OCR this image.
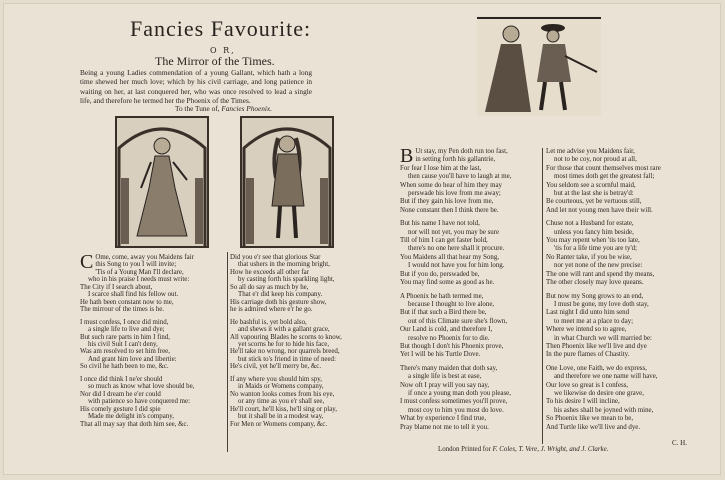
Fancies Favourite:
O R,
The Mirror of the Times.
Being a young Ladies commendation of a young Gallant, which hath a long time shewed her much love; which by his civil carriage, and long patience in waiting on her, at last conquered her, who was once resolved to lead a single life, and therefore he termed her the Phoenix of the Times.
To the Tune of, Fancies Phoenix.
C Ome, come, away you Maidens fair
this Song to you I will invite;
'Tis of a Young Man I'll declare,
who in his praise I needs must write:
The City if I search about,
I scarce shall find his fellow out.
He hath been constant now to me,
The mirrour of the times is he.
I must confess, I once did mind,
a single life to live and dye;
But such rare parts in him I find,
his civil Suit I can't deny,
Was am resolved to set him free,
And grant him love and libertie:
So civil he hath been to me, &c.
I once did think I ne'er should
so much as know what love should be,
Nor did I dream he e'er could
with patience so have conquered me:
His comely gesture I did spie
Made me delight in's company,
That all may say that doth him see, &c.
Did you e'r see that glorious Star
that ushers in the morning bright,
How he exceeds all other far
by casting forth his sparkling light,
So all do say as much by he,
That e'r did keep his company.
His carriage doth his gesture show,
he is admired where e'r he go.
He bashful is, yet bold also,
and shews it with a gallant grace,
All vapouring Blades he scorns to know,
yet scorns he for to hide his face,
He'll take no wrong, nor quarrels breed,
but stick to's friend in time of need:
He's civil, yet he'll merry be, &c.
If any where you should him spy,
in Maids or Womens company,
No wanton looks comes from his eye,
or any time as you e'r shall see,
He'll court, he'll kiss, he'll sing or play,
but it shall be in a modest way,
For Men or Womens company, &c.
B Ut stay, my Pen doth run too fast,
in setting forth his gallantrie,
For fear I lose him at the last,
then cause you'll have to laugh at me,
When some do hear of him they may
perswade his love from me away;
But if they gain his love from me,
None constant then I think there be.
But his name I have not told,
nor will not yet, you may be sure
Till of him I can get faster hold,
there's no one here shall it procure.
You Maidens all that hear my Song,
I would not have you for him long.
But if you do, perswaded be,
You may find some as good as he.
A Phoenix he hath termed me,
because I thought to live alone,
But if that such a Bird there be,
out of this Climate sure she's flown,
Our Land is cold, and therefore I,
resolve no Phoenix for to die.
But though I don't his Phoenix prove,
Yet I will be his Turtle Dove.
There's many maiden that doth say,
a single life is best at ease,
Now oft I pray will you say nay,
if once a young man doth you please,
I must confess sometimes you'll prove,
most coy to him you most do love.
What by experience I find true,
Pray blame not me to tell it you.
Let me advise you Maidens fair,
not to be coy, nor proud at all,
For those that count themselves most rare
most times doth get the greatest fall;
You seldom see a scornful maid,
but at the last she is betray'd:
Be courteous, yet be vertuous still,
And let not young men have their will.
Chuse not a Husband for estate,
unless you fancy him beside,
You may repent when 'tis too late,
'tis for a life time you are ty'd;
No Ranter take, if you be wise,
nor yet none of the new precise:
The one will rant and spend thy means,
The other closely may love queans.
But now my Song grows to an end,
I must be gone, my love doth stay,
Last night I did unto him send
to meet me at a place to day;
Where we intend so to agree,
in what Church we will married be:
Then Phoenix like we'll live and dye
In the pure flames of Chastity.
One Love, one Faith, we do express,
and therefore we one name will have,
Our love so great is I confess,
we likewise do desire one grave,
To his desire I will incline,
his ashes shall be joyned with mine,
So Phoenix like we mean to be,
And Turtle like we'll live and dye.
London Printed for F. Coles, T. Vere, J. Wright, and J. Clarke.
C. H.
